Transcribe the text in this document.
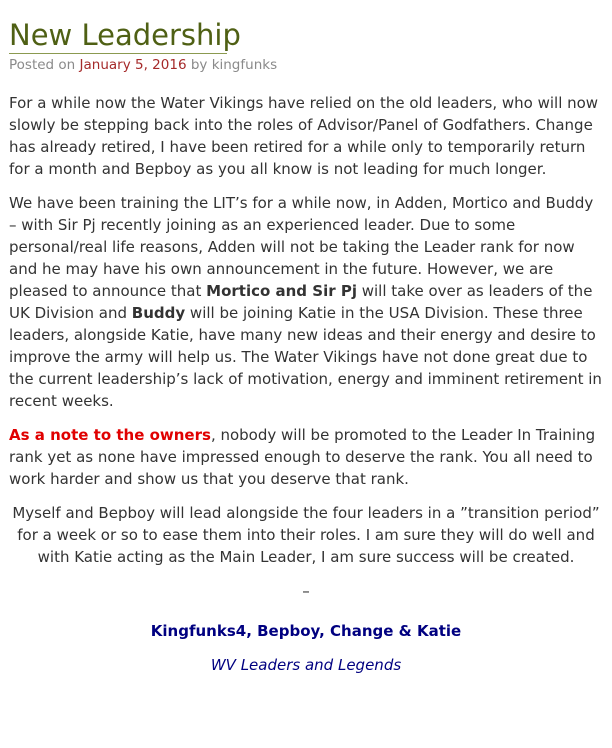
New Leadership
Posted on January 5, 2016 by kingfunks

For a while now the Water Vikings have relied on the old leaders, who will now slowly be stepping back into the roles of Advisor/Panel of Godfathers. Change has already retired, I have been retired for a while only to temporarily return for a month and Bepboy as you all know is not leading for much longer.

We have been training the LIT’s for a while now, in Adden, Mortico and Buddy – with Sir Pj recently joining as an experienced leader. Due to some personal/real life reasons, Adden will not be taking the Leader rank for now and he may have his own announcement in the future. However, we are pleased to announce that Mortico and Sir Pj will take over as leaders of the UK Division and Buddy will be joining Katie in the USA Division. These three leaders, alongside Katie, have many new ideas and their energy and desire to improve the army will help us. The Water Vikings have not done great due to the current leadership’s lack of motivation, energy and imminent retirement in recent weeks.

As a note to the owners, nobody will be promoted to the Leader In Training rank yet as none have impressed enough to deserve the rank. You all need to work harder and show us that you deserve that rank.

Myself and Bepboy will lead alongside the four leaders in a ”transition period” for a week or so to ease them into their roles. I am sure they will do well and with Katie acting as the Main Leader, I am sure success will be created.

–
Kingfunks4, Bepboy, Change & Katie
WV Leaders and Legends
